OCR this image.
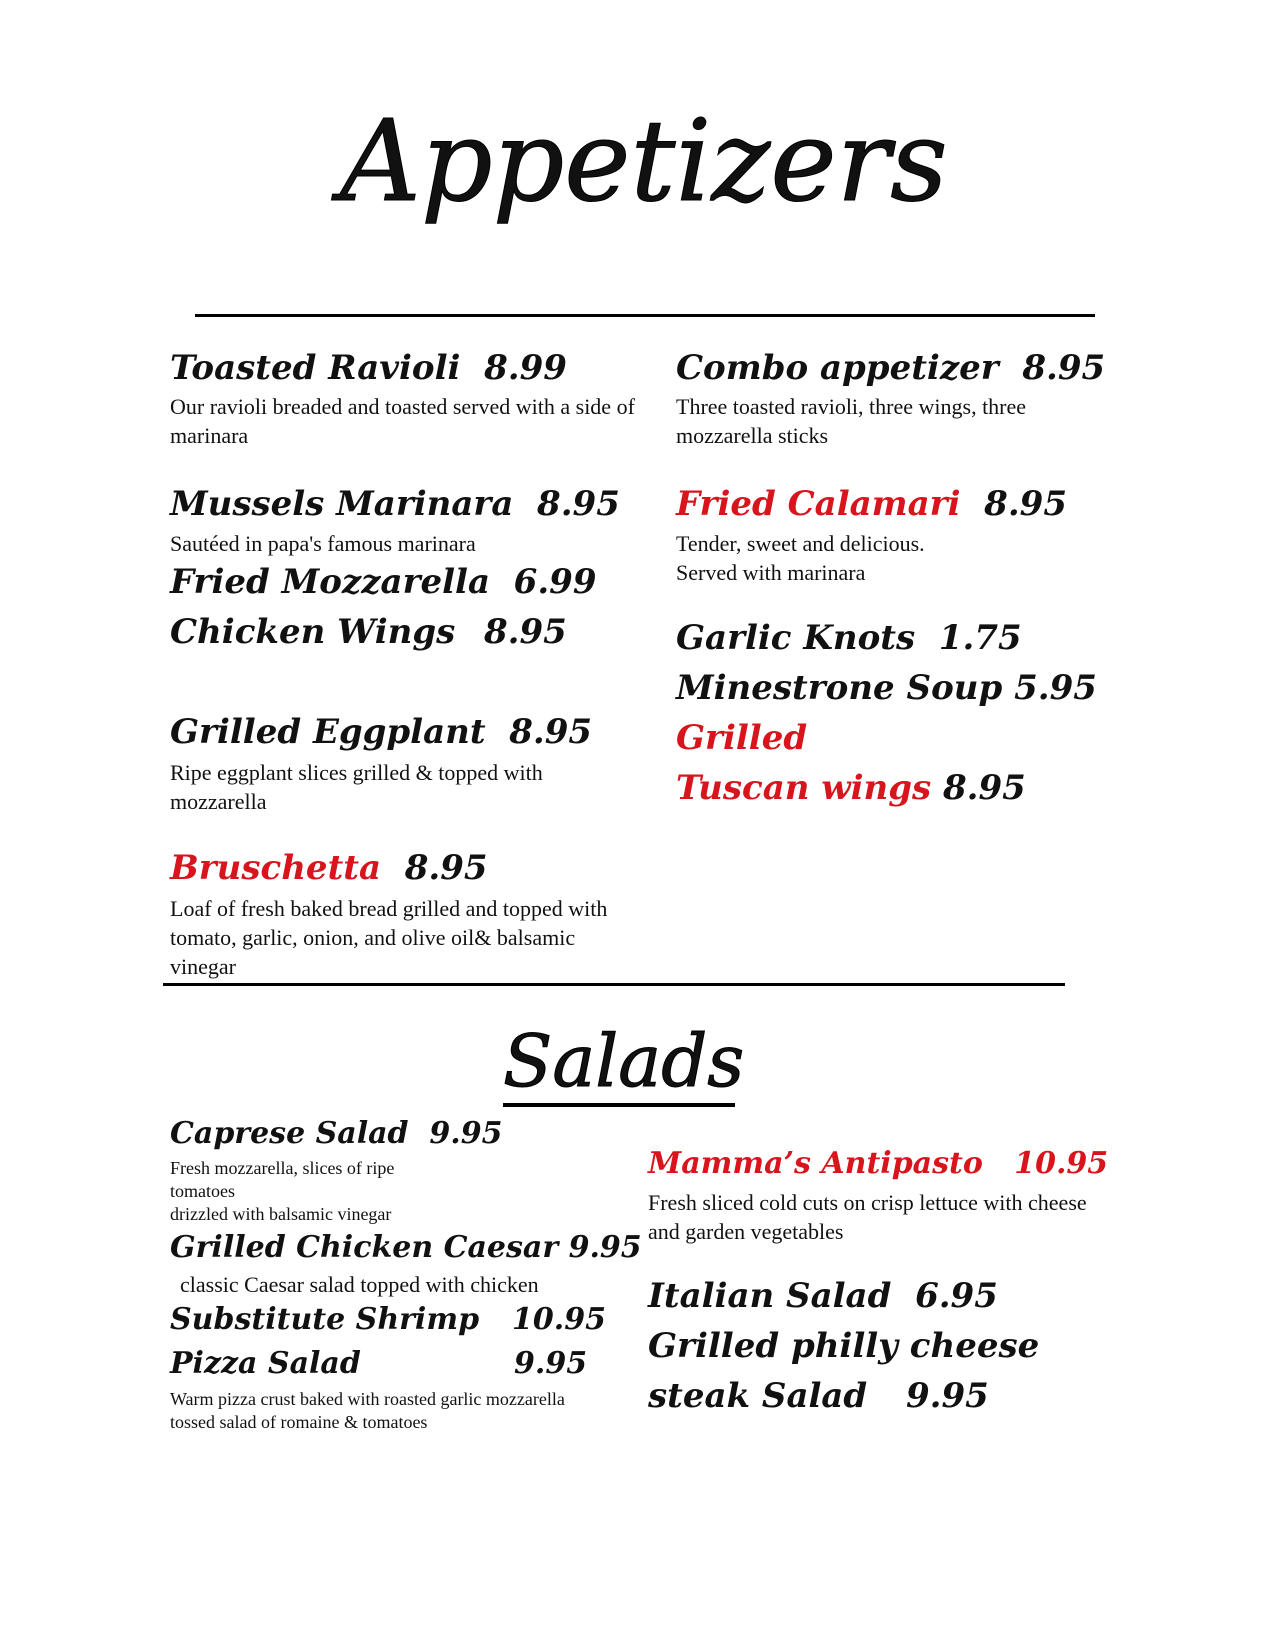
Appetizers
Toasted Ravioli 8.99
Our ravioli breaded and toasted served with a side of marinara
Mussels Marinara 8.95
Sautéed in papa's famous marinara
Fried Mozzarella 6.99
Chicken Wings 8.95
Grilled Eggplant 8.95
Ripe eggplant slices grilled & topped with mozzarella
Bruschetta 8.95
Loaf of fresh baked bread grilled and topped with tomato, garlic, onion, and olive oil& balsamic vinegar
Combo appetizer 8.95
Three toasted ravioli, three wings, three mozzarella sticks
Fried Calamari 8.95
Tender, sweet and delicious.
Served with marinara
Garlic Knots 1.75
Minestrone Soup 5.95
Grilled
Tuscan wings 8.95
Salads
Caprese Salad 9.95
Fresh mozzarella, slices of ripe
tomatoes
drizzled with balsamic vinegar
Grilled Chicken Caesar 9.95
classic Caesar salad topped with chicken
Substitute Shrimp 10.95
Pizza Salad	9.95
Warm pizza crust baked with roasted garlic mozzarella
tossed salad of romaine & tomatoes
Mamma’s Antipasto 10.95
Fresh sliced cold cuts on crisp lettuce with cheese and garden vegetables
Italian Salad 6.95
Grilled philly cheese
steak Salad 9.95
